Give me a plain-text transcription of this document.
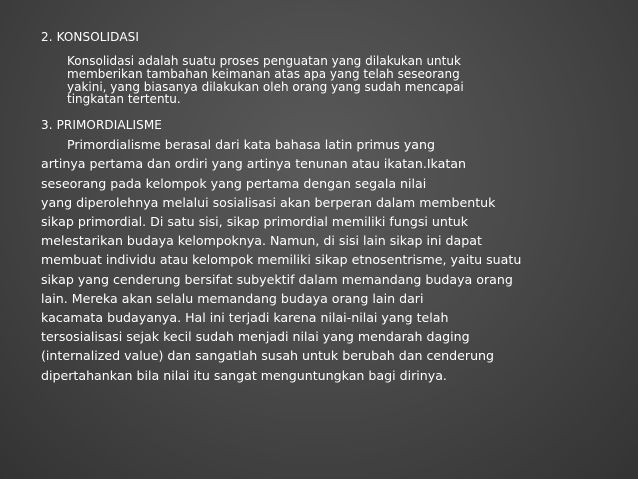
2. KONSOLIDASI
Konsolidasi adalah suatu proses penguatan yang dilakukan untuk
memberikan tambahan keimanan atas apa yang telah seseorang
yakini, yang biasanya dilakukan oleh orang yang sudah mencapai
tingkatan tertentu.
3. PRIMORDIALISME
Primordialisme berasal dari kata bahasa latin primus yang
artinya pertama dan ordiri yang artinya tenunan atau ikatan.Ikatan
seseorang pada kelompok yang pertama dengan segala nilai
yang diperolehnya melalui sosialisasi akan berperan dalam membentuk
sikap primordial. Di satu sisi, sikap primordial memiliki fungsi untuk
melestarikan budaya kelompoknya. Namun, di sisi lain sikap ini dapat
membuat individu atau kelompok memiliki sikap etnosentrisme, yaitu suatu
sikap yang cenderung bersifat subyektif dalam memandang budaya orang
lain. Mereka akan selalu memandang budaya orang lain dari
kacamata budayanya. Hal ini terjadi karena nilai-nilai yang telah
tersosialisasi sejak kecil sudah menjadi nilai yang mendarah daging
(internalized value) dan sangatlah susah untuk berubah dan cenderung
dipertahankan bila nilai itu sangat menguntungkan bagi dirinya.
